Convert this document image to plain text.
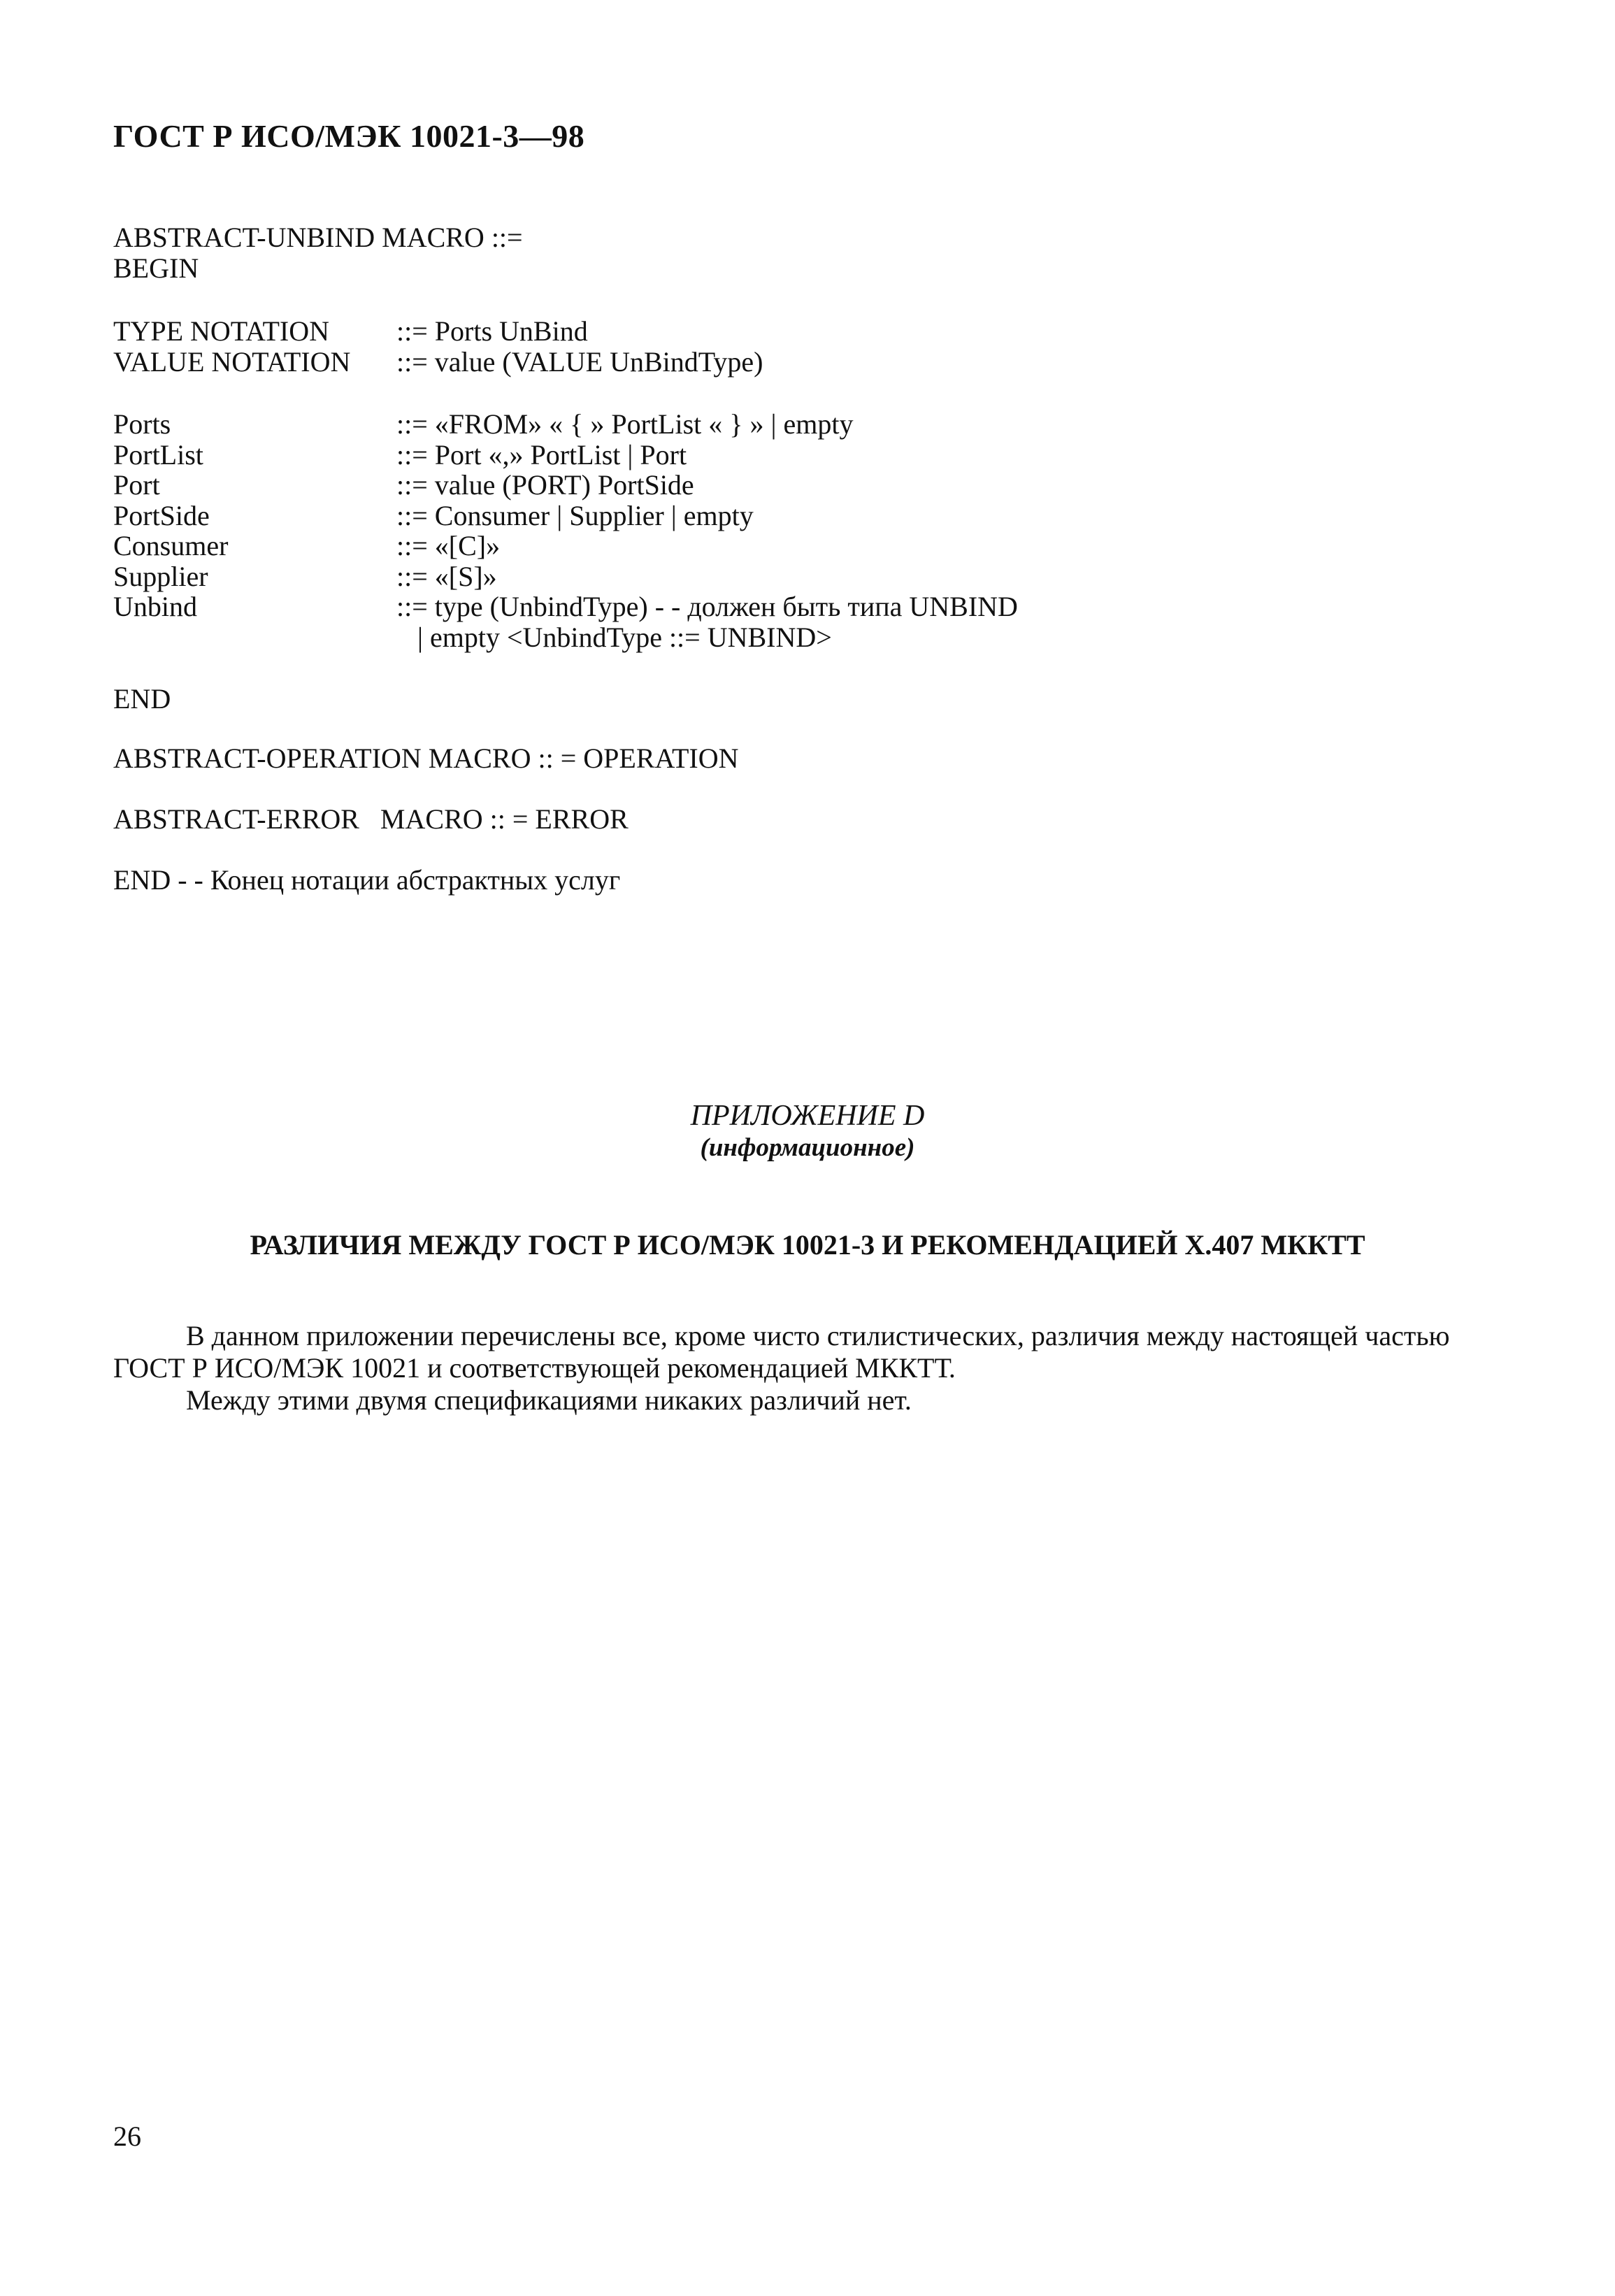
ГОСТ Р ИСО/МЭК 10021-3—98
ABSTRACT-UNBIND MACRO ::=
BEGIN
TYPE NOTATION ::= Ports UnBind
VALUE NOTATION ::= value (VALUE UnBindType)
Ports	::= «FROM» « { » PortList « } » | empty
PortList	::= Port «,» PortList | Port
Port	::= value (PORT) PortSide
PortSide	::= Consumer | Supplier | empty
Consumer	::= «[C]»
Supplier	::= «[S]»
Unbind	::= type (UnbindType) - - должен быть типа UNBIND
| empty <UnbindType ::= UNBIND>
END
ABSTRACT-OPERATION MACRO :: = OPERATION
ABSTRACT-ERROR   MACRO :: = ERROR
END - - Конец нотации абстрактных услуг
ПРИЛОЖЕНИЕ D
(информационное)
РАЗЛИЧИЯ МЕЖДУ ГОСТ Р ИСО/МЭК 10021-3 И РЕКОМЕНДАЦИЕЙ Х.407 МККТТ
В данном приложении перечислены все, кроме чисто стилистических, различия между настоящей частью
ГОСТ Р ИСО/МЭК 10021 и соответствующей рекомендацией МККТТ.
Между этими двумя спецификациями никаких различий нет.
26
